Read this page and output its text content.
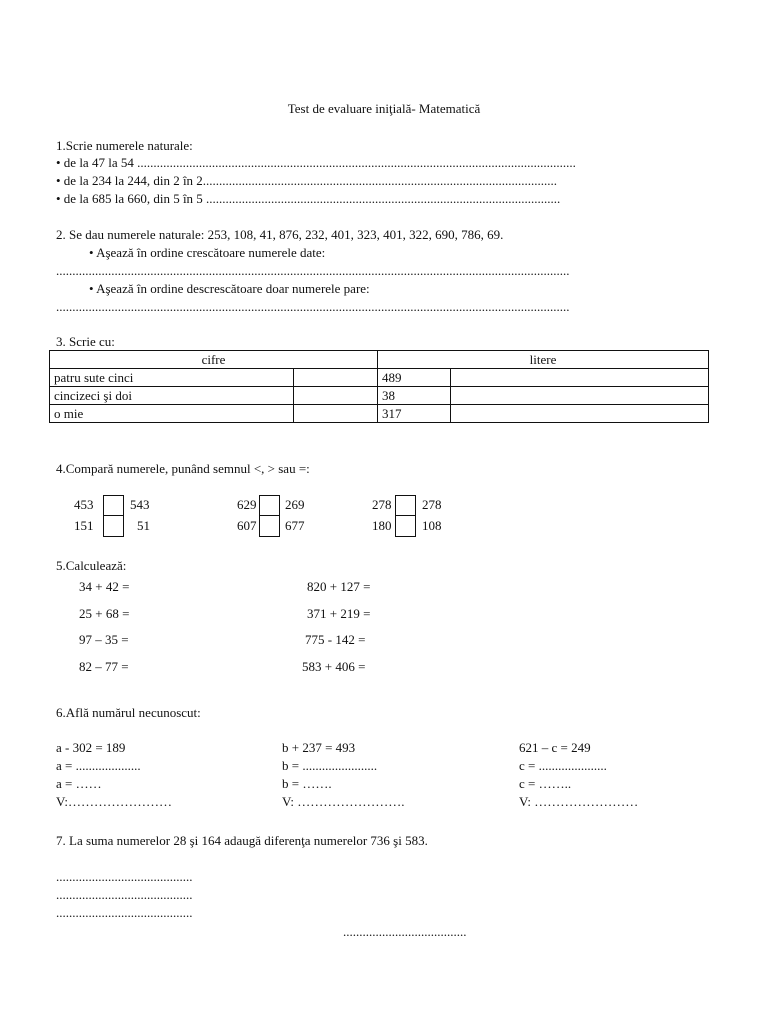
Test de evaluare iniţială- Matematică
1.Scrie numerele naturale:
• de la 47 la 54 .......................................................................................................................................
• de la 234 la 244, din 2 în 2.............................................................................................................
• de la 685 la 660, din 5 în 5 .............................................................................................................
2. Se dau numerele naturale: 253, 108, 41, 876, 232, 401, 323, 401, 322, 690, 786, 69.
• Aşează în ordine crescătoare numerele date:
..............................................................................................................................................................
• Aşează în ordine descrescătoare doar numerele pare:
..............................................................................................................................................................
3. Scrie cu:
cifre		litere	
patru sute cinci		489	
cincizeci şi doi		38	
o mie		317	
4.Compară numerele, punând semnul <, > sau =:
453	543	629 269	278 278
151	51	607 677	180 108
5.Calculează:
34 + 42 =
25 + 68 =
97 – 35 =
82 – 77 =
820 + 127 =
371 + 219 =
775 - 142 =
583 + 406 =
6.Află numărul necunoscut:
a - 302 = 189
a = ....................
a = ……
V:……………………
b + 237 = 493
b = .......................
b = …….
V: …………………….
621 – c = 249
c = .....................
c = ……..
V: ……………………
7. La suma numerelor 28 şi 164 adaugă diferenţa numerelor 736 şi 583.
..........................................
..........................................
..........................................
......................................
